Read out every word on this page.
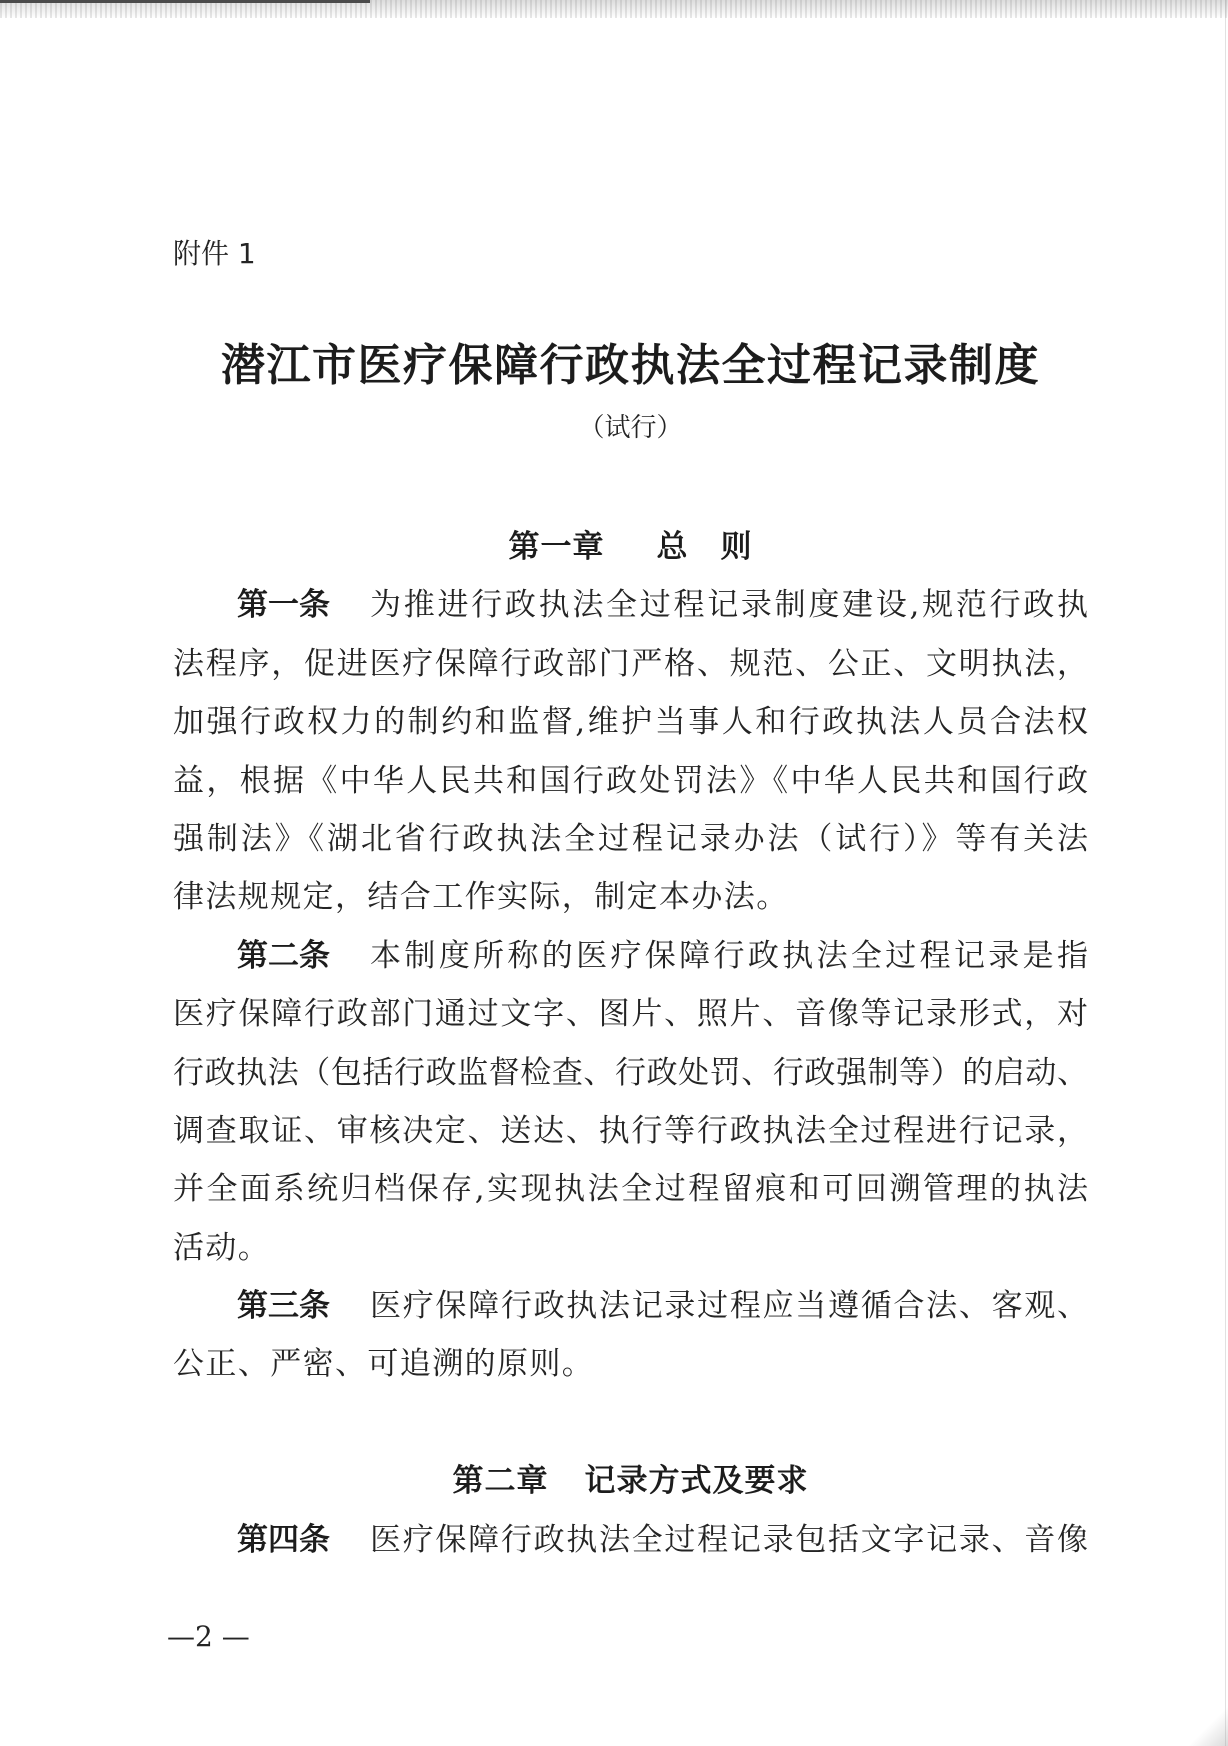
附件 1
潜江市医疗保障行政执法全过程记录制度
（试行）
第一章 总　则
第一条 为推进行政执法全过程记录制度建设,规范行政执
法程序，促进医疗保障行政部门严格、规范、公正、文明执法，
加强行政权力的制约和监督,维护当事人和行政执法人员合法权
益，根据《中华人民共和国行政处罚法》《中华人民共和国行政
强制法》《湖北省行政执法全过程记录办法（试行）》等有关法
律法规规定，结合工作实际，制定本办法。
第二条 本制度所称的医疗保障行政执法全过程记录是指
医疗保障行政部门通过文字、图片、照片、音像等记录形式，对
行政执法（包括行政监督检查、行政处罚、行政强制等）的启动、
调查取证、审核决定、送达、执行等行政执法全过程进行记录，
并全面系统归档保存,实现执法全过程留痕和可回溯管理的执法
活动。
第三条 医疗保障行政执法记录过程应当遵循合法、客观、
公正、严密、可追溯的原则。
第二章 记录方式及要求
第四条 医疗保障行政执法全过程记录包括文字记录、音像
—2 —
